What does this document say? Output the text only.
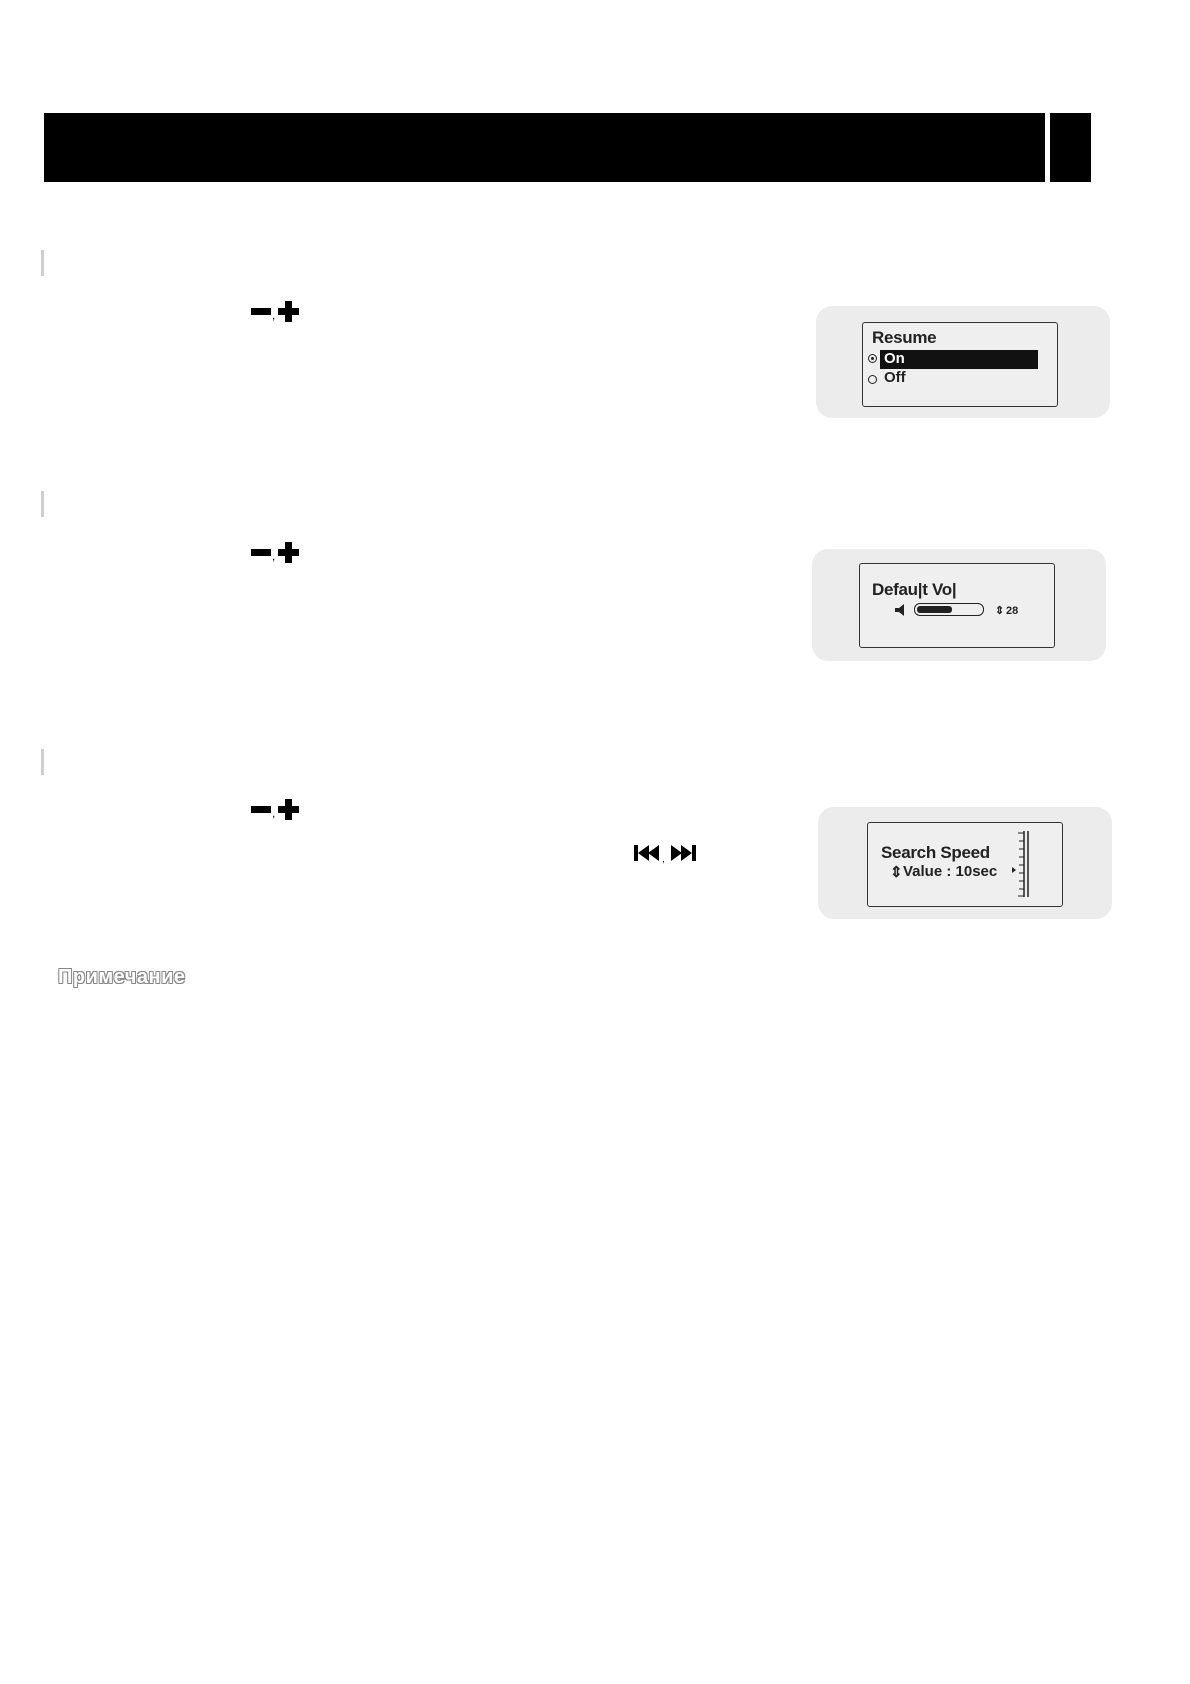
,
Resume
On
Off
,
Defau|t Vo|
⇕ 28
,
,	Search Speed
⇕ Value : 10sec
Примечание
